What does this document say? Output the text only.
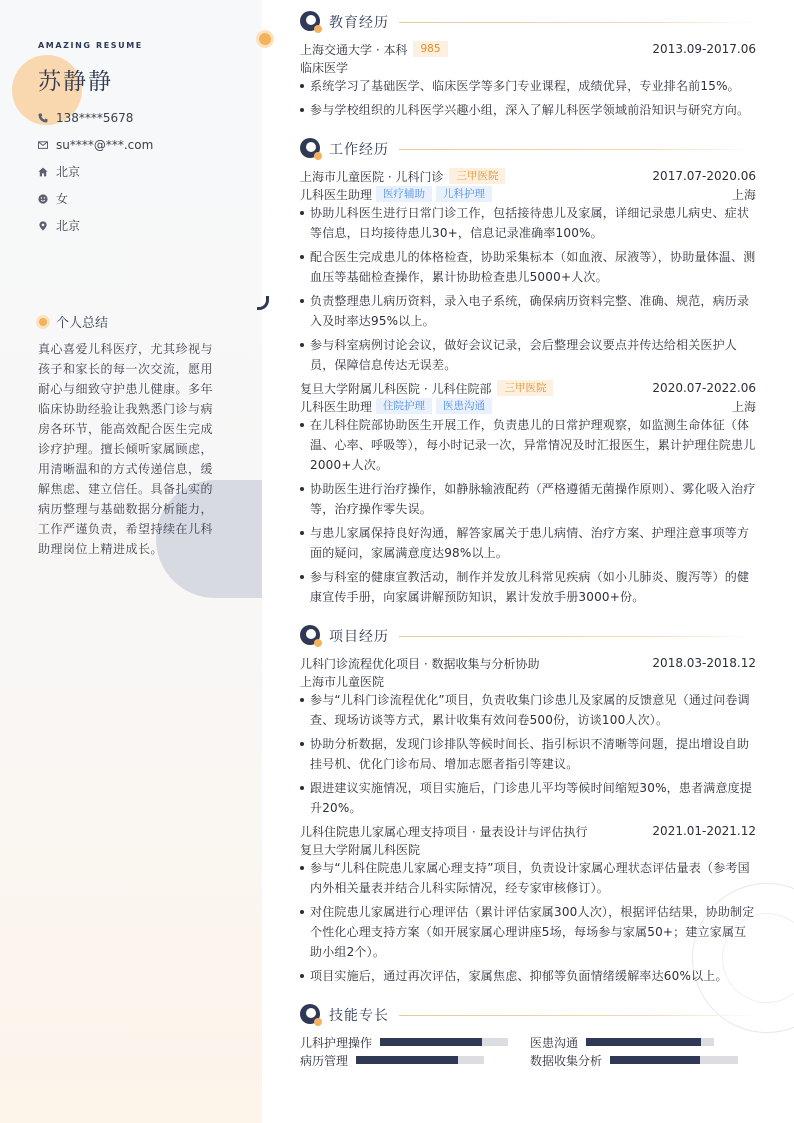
AMAZING RESUME
苏静静
138****5678
su****@***.com
北京
女
北京
个人总结
真心喜爱儿科医疗，尤其珍视与孩子和家长的每一次交流，愿用耐心与细致守护患儿健康。多年临床协助经验让我熟悉门诊与病房各环节，能高效配合医生完成诊疗护理。擅长倾听家属顾虑，用清晰温和的方式传递信息，缓解焦虑、建立信任。具备扎实的病历整理与基础数据分析能力，工作严谨负责，希望持续在儿科助理岗位上精进成长。
教育经历
上海交通大学 · 本科	985	2013.09-2017.06
临床医学
系统学习了基础医学、临床医学等多门专业课程，成绩优异，专业排名前15%。
参与学校组织的儿科医学兴趣小组，深入了解儿科医学领域前沿知识与研究方向。
工作经历
上海市儿童医院 · 儿科门诊	三甲医院	2017.07-2020.06
儿科医生助理	医疗辅助	儿科护理	上海
协助儿科医生进行日常门诊工作，包括接待患儿及家属，详细记录患儿病史、症状等信息，日均接待患儿30+，信息记录准确率100%。
配合医生完成患儿的体格检查，协助采集标本（如血液、尿液等），协助量体温、测血压等基础检查操作，累计协助检查患儿5000+人次。
负责整理患儿病历资料，录入电子系统，确保病历资料完整、准确、规范，病历录入及时率达95%以上。
参与科室病例讨论会议，做好会议记录，会后整理会议要点并传达给相关医护人员，保障信息传达无误差。
复旦大学附属儿科医院 · 儿科住院部	三甲医院	2020.07-2022.06
儿科医生助理	住院护理	医患沟通	上海
在儿科住院部协助医生开展工作，负责患儿的日常护理观察，如监测生命体征（体温、心率、呼吸等），每小时记录一次，异常情况及时汇报医生，累计护理住院患儿2000+人次。
协助医生进行治疗操作，如静脉输液配药（严格遵循无菌操作原则）、雾化吸入治疗等，治疗操作零失误。
与患儿家属保持良好沟通，解答家属关于患儿病情、治疗方案、护理注意事项等方面的疑问，家属满意度达98%以上。
参与科室的健康宣教活动，制作并发放儿科常见疾病（如小儿肺炎、腹泻等）的健康宣传手册，向家属讲解预防知识，累计发放手册3000+份。
项目经历
儿科门诊流程优化项目 · 数据收集与分析协助	2018.03-2018.12
上海市儿童医院
参与“儿科门诊流程优化”项目，负责收集门诊患儿及家属的反馈意见（通过问卷调查、现场访谈等方式，累计收集有效问卷500份，访谈100人次）。
协助分析数据，发现门诊排队等候时间长、指引标识不清晰等问题，提出增设自助挂号机、优化门诊布局、增加志愿者指引等建议。
跟进建议实施情况，项目实施后，门诊患儿平均等候时间缩短30%，患者满意度提升20%。
儿科住院患儿家属心理支持项目 · 量表设计与评估执行	2021.01-2021.12
复旦大学附属儿科医院
参与“儿科住院患儿家属心理支持”项目，负责设计家属心理状态评估量表（参考国内外相关量表并结合儿科实际情况，经专家审核修订）。
对住院患儿家属进行心理评估（累计评估家属300人次），根据评估结果，协助制定个性化心理支持方案（如开展家属心理讲座5场，每场参与家属50+；建立家属互助小组2个）。
项目实施后，通过再次评估，家属焦虑、抑郁等负面情绪缓解率达60%以上。
技能专长
儿科护理操作	医患沟通
病历管理	数据收集分析
